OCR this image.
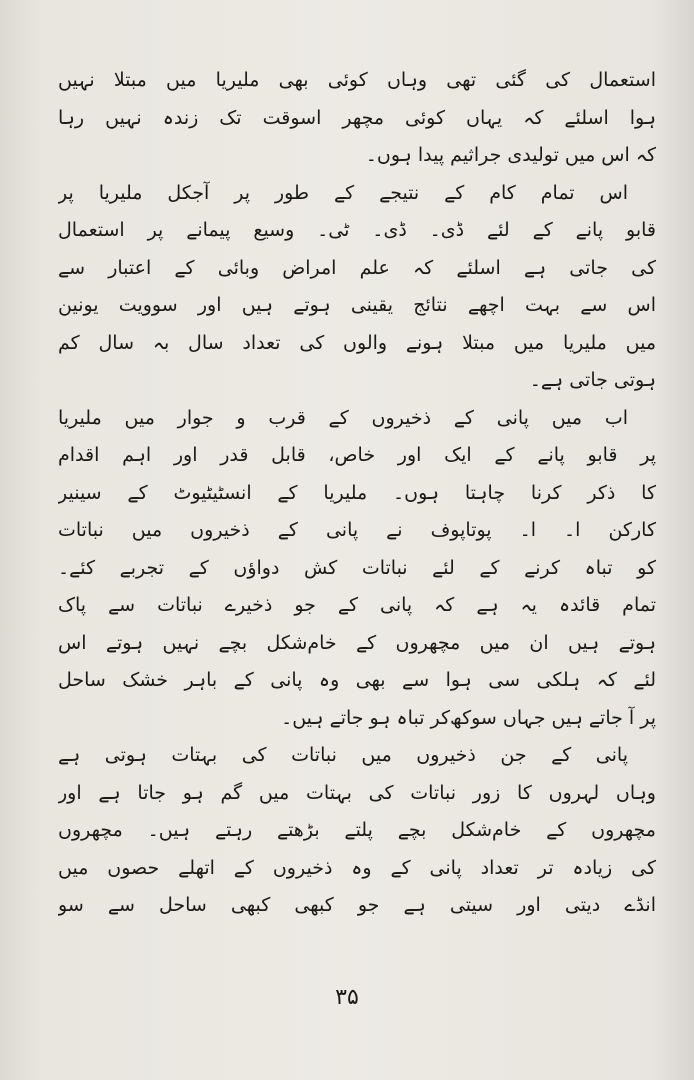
استعمال کی گئی تھی وہاں کوئی بھی ملیریا میں مبتلا نہیں
ہوا اسلئے کہ یہاں کوئی مچھر اسوقت تک زندہ نہیں رہا
کہ اس میں تولیدی جراثیم پیدا ہوں۔
اس تمام کام کے نتیجے کے طور پر آجکل ملیریا پر
قابو پانے کے لئے ڈی۔ ڈی۔ ٹی۔ وسیع پیمانے پر استعمال
کی جاتی ہے اسلئے کہ علم امراض وبائی کے اعتبار سے
اس سے بہت اچھے نتائج یقینی ہوتے ہیں اور سوویت یونین
میں ملیریا میں مبتلا ہونے والوں کی تعداد سال بہ سال کم
ہوتی جاتی ہے۔
اب میں پانی کے ذخیروں کے قرب و جوار میں ملیریا
پر قابو پانے کے ایک اور خاص، قابل قدر اور اہم اقدام
کا ذکر کرنا چاہتا ہوں۔ ملیریا کے انسٹیٹیوٹ کے سینیر
کارکن ا۔ ا۔ پوتاپوف نے پانی کے ذخیروں میں نباتات
کو تباہ کرنے کے لئے نباتات کش دواؤں کے تجربے کئے۔
تمام قائدہ یہ ہے کہ پانی کے جو ذخیرے نباتات سے پاک
ہوتے ہیں ان میں مچھروں کے خام‌شکل بچے نہیں ہوتے اس
لئے کہ ہلکی سی ہوا سے بھی وہ پانی کے باہر خشک ساحل
پر آ جاتے ہیں جہاں سوکھ‌کر تباہ ہو جاتے ہیں۔
پانی کے جن ذخیروں میں نباتات کی بہتات ہوتی ہے
وہاں لہروں کا زور نباتات کی بہتات میں گم ہو جاتا ہے اور
مچھروں کے خام‌شکل بچے پلتے بڑھتے رہتے ہیں۔ مچھروں
کی زیادہ تر تعداد پانی کے وہ ذخیروں کے اتھلے حصوں میں
انڈے دیتی اور سیتی ہے جو کبھی کبھی ساحل سے سو
۳۵
